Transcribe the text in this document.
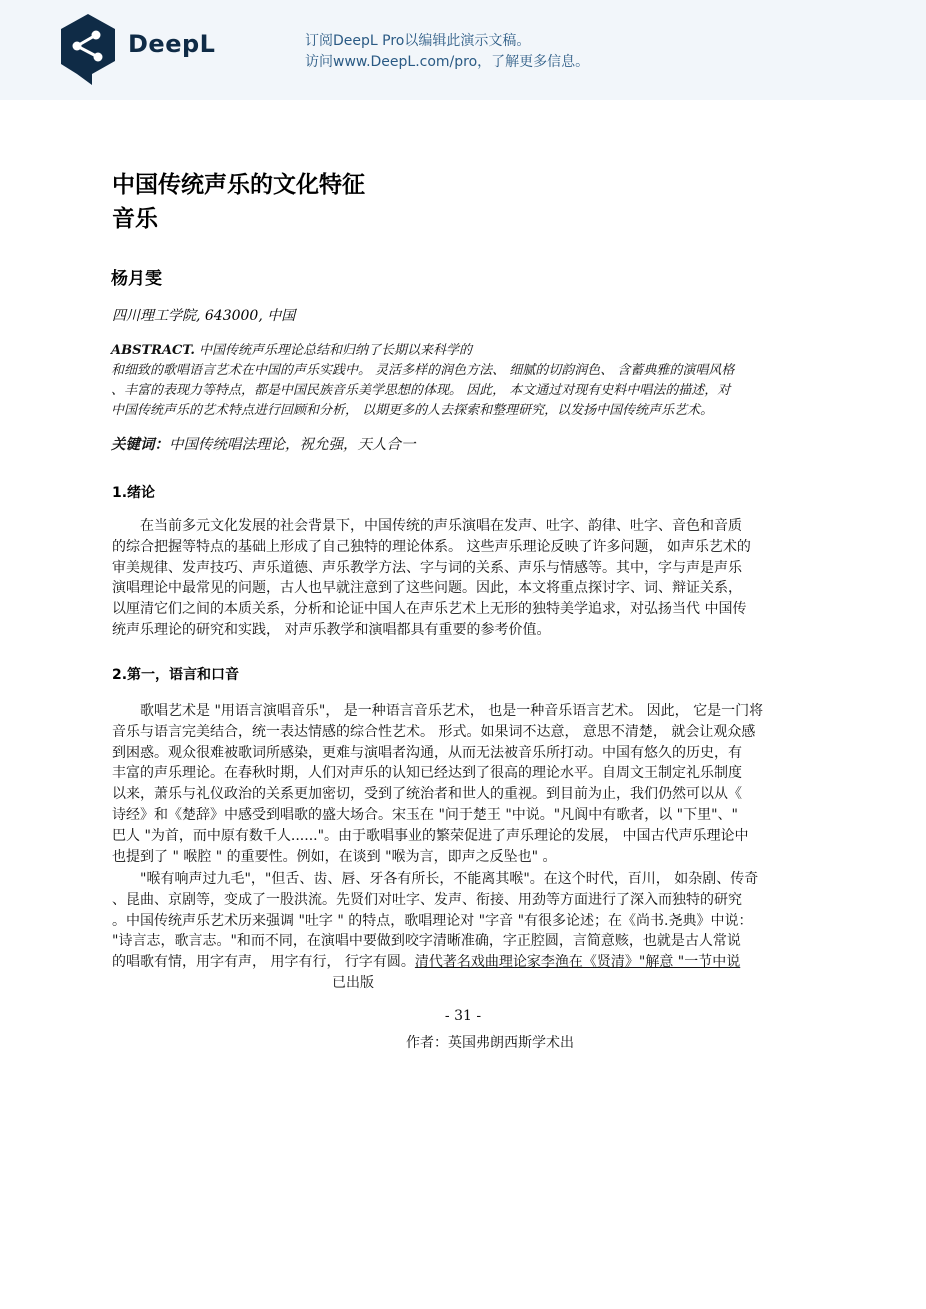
DeepL	订阅DeepL Pro以编辑此演示文稿。
访问www.DeepL.com/pro，了解更多信息。
中国传统声乐的文化特征
音乐
杨月雯
四川理工学院, 643000, 中国
ABSTRACT. 中国传统声乐理论总结和归纳了长期以来科学的
和细致的歌唱语言艺术在中国的声乐实践中。 灵活多样的润色方法、 细腻的切韵润色、 含蓄典雅的演唱风格
、丰富的表现力等特点，都是中国民族音乐美学思想的体现。 因此， 本文通过对现有史料中唱法的描述，对
中国传统声乐的艺术特点进行回顾和分析， 以期更多的人去探索和整理研究，以发扬中国传统声乐艺术。
关键词：中国传统唱法理论，祝允强，天人合一
1.绪论
　　在当前多元文化发展的社会背景下，中国传统的声乐演唱在发声、吐字、韵律、吐字、音色和音质
的综合把握等特点的基础上形成了自己独特的理论体系。 这些声乐理论反映了许多问题， 如声乐艺术的
审美规律、发声技巧、声乐道德、声乐教学方法、字与词的关系、声乐与情感等。其中，字与声是声乐
演唱理论中最常见的问题，古人也早就注意到了这些问题。因此，本文将重点探讨字、词、辩证关系，
以厘清它们之间的本质关系，分析和论证中国人在声乐艺术上无形的独特美学追求，对弘扬当代 中国传
统声乐理论的研究和实践， 对声乐教学和演唱都具有重要的参考价值。
2.第一，语言和口音
　　歌唱艺术是 "用语言演唱音乐"， 是一种语言音乐艺术， 也是一种音乐语言艺术。 因此， 它是一门将
音乐与语言完美结合，统一表达情感的综合性艺术。 形式。如果词不达意， 意思不清楚， 就会让观众感
到困惑。观众很难被歌词所感染，更难与演唱者沟通，从而无法被音乐所打动。中国有悠久的历史，有
丰富的声乐理论。在春秋时期，人们对声乐的认知已经达到了很高的理论水平。自周文王制定礼乐制度
以来，萧乐与礼仪政治的关系更加密切，受到了统治者和世人的重视。到目前为止，我们仍然可以从《
诗经》和《楚辞》中感受到唱歌的盛大场合。宋玉在 "问于楚王 "中说。"凡阆中有歌者，以 "下里"、"
巴人 "为首，而中原有数千人......"。由于歌唱事业的繁荣促进了声乐理论的发展， 中国古代声乐理论中
也提到了 " 喉腔 " 的重要性。例如，在谈到 "喉为言，即声之反坠也" 。
　　"喉有响声过九毛"，"但舌、齿、唇、牙各有所长，不能离其喉"。在这个时代，百川， 如杂剧、传奇
、昆曲、京剧等，变成了一股洪流。先贤们对吐字、发声、衔接、用劲等方面进行了深入而独特的研究
。中国传统声乐艺术历来强调 "吐字 " 的特点，歌唱理论对 "字音 "有很多论述；在《尚书.尧典》中说：
"诗言志，歌言志。"和而不同，在演唱中要做到咬字清晰准确，字正腔圆，言简意赅，也就是古人常说
的唱歌有情，用字有声， 用字有行， 行字有圆。清代著名戏曲理论家李渔在《贤清》"解意 "一节中说
已出版
- 31 -
作者：英国弗朗西斯学术出
